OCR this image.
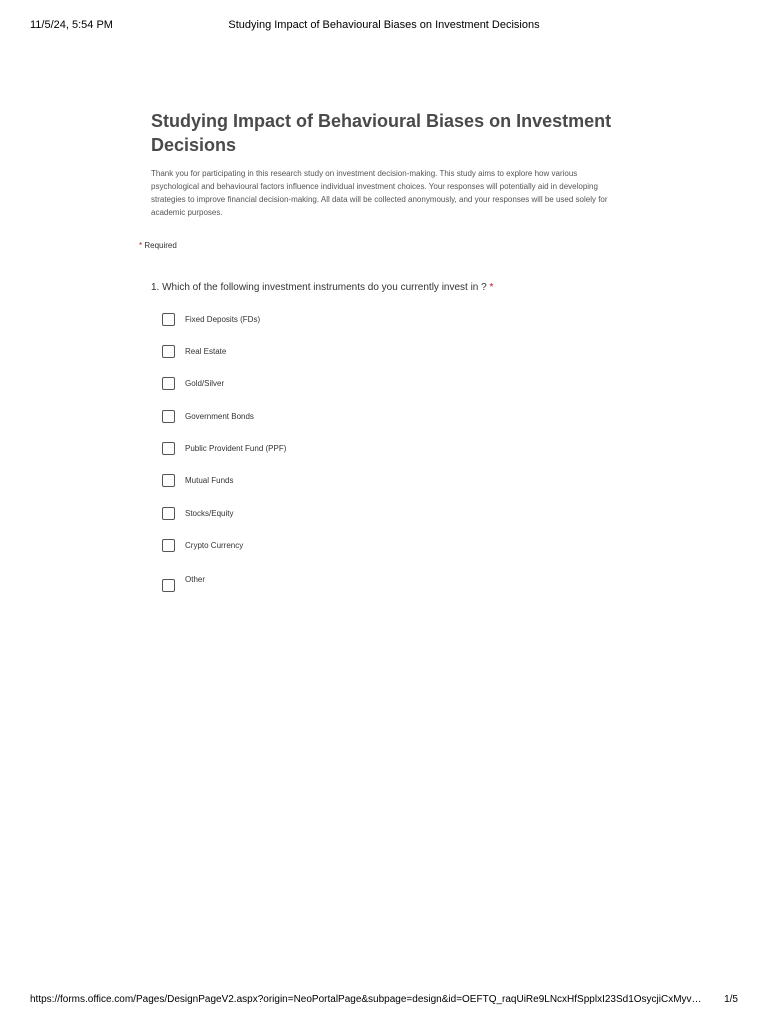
11/5/24, 5:54 PM	Studying Impact of Behavioural Biases on Investment Decisions
Studying Impact of Behavioural Biases on Investment Decisions
Thank you for participating in this research study on investment decision-making. This study aims to explore how various psychological and behavioural factors influence individual investment choices. Your responses will potentially aid in developing strategies to improve financial decision-making. All data will be collected anonymously, and your responses will be used solely for academic purposes.
* Required
1. Which of the following investment instruments do you currently invest in ? *
Fixed Deposits (FDs)
Real Estate
Gold/Silver
Government Bonds
Public Provident Fund (PPF)
Mutual Funds
Stocks/Equity
Crypto Currency
Other
https://forms.office.com/Pages/DesignPageV2.aspx?origin=NeoPortalPage&subpage=design&id=OEFTQ_raqUiRe9LNcxHfSpplxI23Sd1OsycjiCxMyv…	1/5
